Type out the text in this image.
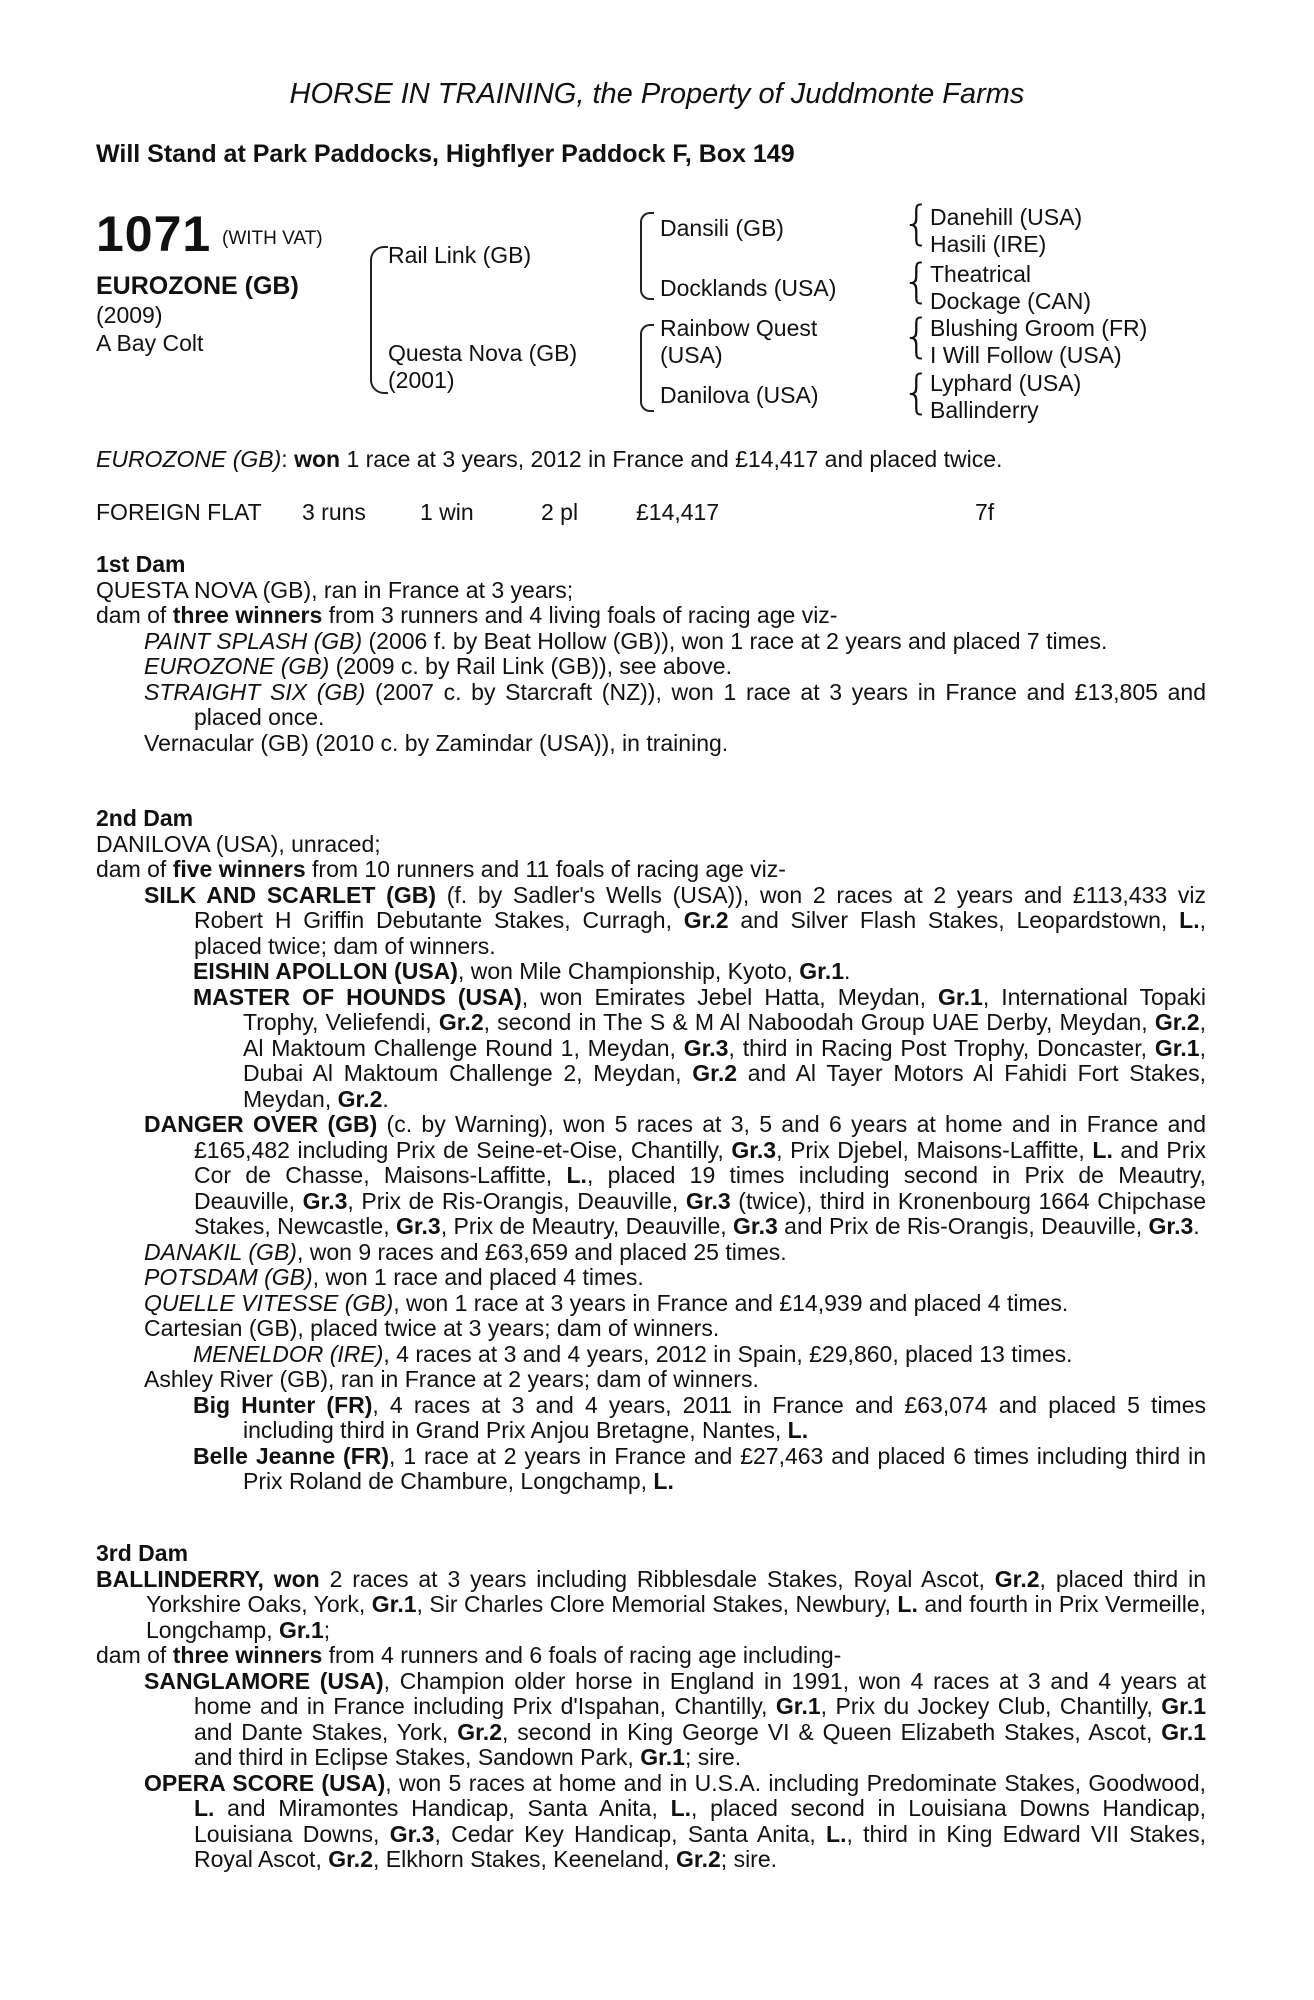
HORSE IN TRAINING, the Property of Juddmonte Farms
Will Stand at Park Paddocks, Highflyer Paddock F, Box 149
1071 (WITH VAT)
EUROZONE (GB)
(2009)
A Bay Colt
Rail Link (GB)
Questa Nova (GB)
(2001)
Dansili (GB)
Docklands (USA)
Rainbow Quest
(USA)
Danilova (USA)
{
Danehill (USA)
Hasili (IRE)
{
Theatrical
Dockage (CAN)
{
Blushing Groom (FR)
I Will Follow (USA)
{
Lyphard (USA)
Ballinderry
EUROZONE (GB): won 1 race at 3 years, 2012 in France and £14,417 and placed twice.
FOREIGN FLAT 3 runs 1 win	2 pl	£14,417	7f

1st Dam

QUESTA NOVA (GB), ran in France at 3 years;

dam of three winners from 3 runners and 4 living foals of racing age viz-

PAINT SPLASH (GB) (2006 f. by Beat Hollow (GB)), won 1 race at 2 years and placed 7 times.

EUROZONE (GB) (2009 c. by Rail Link (GB)), see above.

STRAIGHT SIX (GB) (2007 c. by Starcraft (NZ)), won 1 race at 3 years in France and £13,805 and placed once.

Vernacular (GB) (2010 c. by Zamindar (USA)), in training.

2nd Dam

DANILOVA (USA), unraced;

dam of five winners from 10 runners and 11 foals of racing age viz-

SILK AND SCARLET (GB) (f. by Sadler's Wells (USA)), won 2 races at 2 years and £113,433 viz Robert H Griffin Debutante Stakes, Curragh, Gr.2 and Silver Flash Stakes, Leopardstown, L., placed twice; dam of winners.

EISHIN APOLLON (USA), won Mile Championship, Kyoto, Gr.1.

MASTER OF HOUNDS (USA), won Emirates Jebel Hatta, Meydan, Gr.1, International Topaki Trophy, Veliefendi, Gr.2, second in The S & M Al Naboodah Group UAE Derby, Meydan, Gr.2, Al Maktoum Challenge Round 1, Meydan, Gr.3, third in Racing Post Trophy, Doncaster, Gr.1, Dubai Al Maktoum Challenge 2, Meydan, Gr.2 and Al Tayer Motors Al Fahidi Fort Stakes, Meydan, Gr.2.

DANGER OVER (GB) (c. by Warning), won 5 races at 3, 5 and 6 years at home and in France and £165,482 including Prix de Seine-et-Oise, Chantilly, Gr.3, Prix Djebel, Maisons-Laffitte, L. and Prix Cor de Chasse, Maisons-Laffitte, L., placed 19 times including second in Prix de Meautry, Deauville, Gr.3, Prix de Ris-Orangis, Deauville, Gr.3 (twice), third in Kronenbourg 1664 Chipchase Stakes, Newcastle, Gr.3, Prix de Meautry, Deauville, Gr.3 and Prix de Ris-Orangis, Deauville, Gr.3.

DANAKIL (GB), won 9 races and £63,659 and placed 25 times.

POTSDAM (GB), won 1 race and placed 4 times.

QUELLE VITESSE (GB), won 1 race at 3 years in France and £14,939 and placed 4 times.

Cartesian (GB), placed twice at 3 years; dam of winners.

MENELDOR (IRE), 4 races at 3 and 4 years, 2012 in Spain, £29,860, placed 13 times.

Ashley River (GB), ran in France at 2 years; dam of winners.

Big Hunter (FR), 4 races at 3 and 4 years, 2011 in France and £63,074 and placed 5 times including third in Grand Prix Anjou Bretagne, Nantes, L.

Belle Jeanne (FR), 1 race at 2 years in France and £27,463 and placed 6 times including third in Prix Roland de Chambure, Longchamp, L.

3rd Dam

BALLINDERRY, won 2 races at 3 years including Ribblesdale Stakes, Royal Ascot, Gr.2, placed third in Yorkshire Oaks, York, Gr.1, Sir Charles Clore Memorial Stakes, Newbury, L. and fourth in Prix Vermeille, Longchamp, Gr.1;

dam of three winners from 4 runners and 6 foals of racing age including-

SANGLAMORE (USA), Champion older horse in England in 1991, won 4 races at 3 and 4 years at home and in France including Prix d'Ispahan, Chantilly, Gr.1, Prix du Jockey Club, Chantilly, Gr.1 and Dante Stakes, York, Gr.2, second in King George VI & Queen Elizabeth Stakes, Ascot, Gr.1 and third in Eclipse Stakes, Sandown Park, Gr.1; sire.

OPERA SCORE (USA), won 5 races at home and in U.S.A. including Predominate Stakes, Goodwood, L. and Miramontes Handicap, Santa Anita, L., placed second in Louisiana Downs Handicap, Louisiana Downs, Gr.3, Cedar Key Handicap, Santa Anita, L., third in King Edward VII Stakes, Royal Ascot, Gr.2, Elkhorn Stakes, Keeneland, Gr.2; sire.
